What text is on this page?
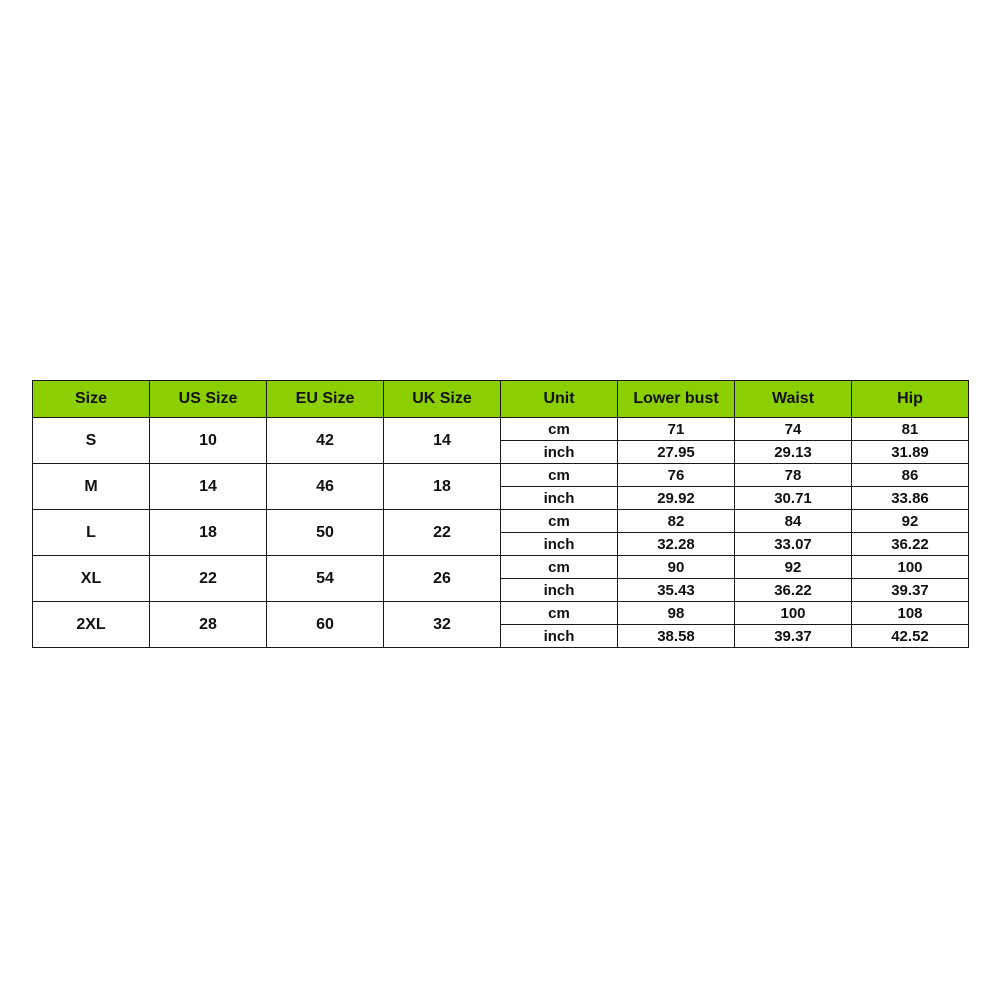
Size	US Size	EU Size	UK Size	Unit	Lower bust	Waist	Hip
S	10	42	14	cm	71	74	81
				inch	27.95	29.13	31.89
M	14	46	18	cm	76	78	86
				inch	29.92	30.71	33.86
L	18	50	22	cm	82	84	92
				inch	32.28	33.07	36.22
XL	22	54	26	cm	90	92	100
				inch	35.43	36.22	39.37
2XL	28	60	32	cm	98	100	108
				inch	38.58	39.37	42.52
